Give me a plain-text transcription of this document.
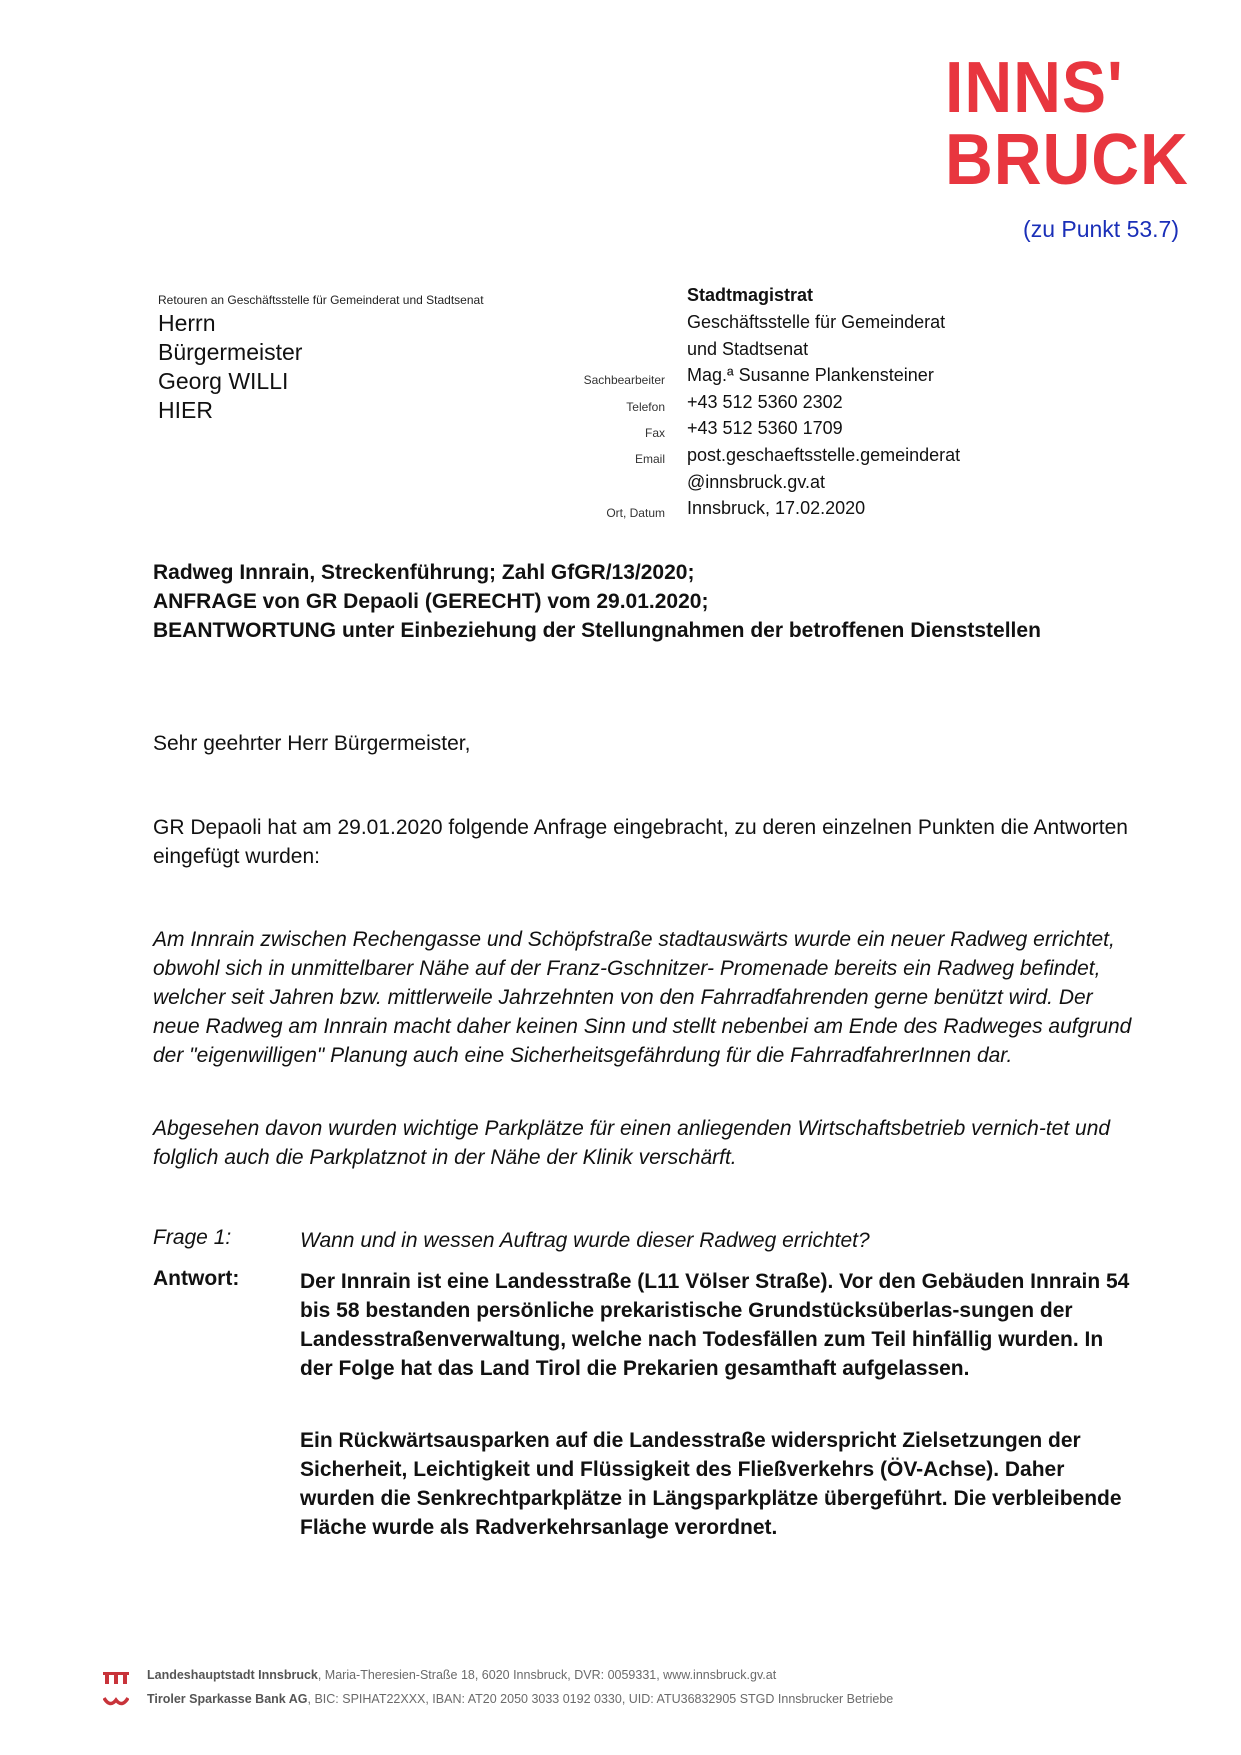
INNS'
BRUCK
(zu Punkt 53.7)
Retouren an Geschäftsstelle für Gemeinderat und Stadtsenat
Herrn
Bürgermeister
Georg WILLI
HIER
Stadtmagistrat
Geschäftsstelle für Gemeinderat
und Stadtsenat
Sachbearbeiter Mag.ª Susanne Plankensteiner
Telefon +43 512 5360 2302
Fax +43 512 5360 1709
Email post.geschaeftsstelle.gemeinderat
@innsbruck.gv.at
Ort, Datum Innsbruck, 17.02.2020
Radweg Innrain, Streckenführung; Zahl GfGR/13/2020;
ANFRAGE von GR Depaoli (GERECHT) vom 29.01.2020;
BEANTWORTUNG unter Einbeziehung der Stellungnahmen der betroffenen Dienststellen
Sehr geehrter Herr Bürgermeister,
GR Depaoli hat am 29.01.2020 folgende Anfrage eingebracht, zu deren einzelnen Punkten die Antworten eingefügt wurden:
Am Innrain zwischen Rechengasse und Schöpfstraße stadtauswärts wurde ein neuer Radweg errichtet, obwohl sich in unmittelbarer Nähe auf der Franz-Gschnitzer- Promenade bereits ein Radweg befindet, welcher seit Jahren bzw. mittlerweile Jahrzehnten von den Fahrradfahrenden gerne benützt wird. Der neue Radweg am Innrain macht daher keinen Sinn und stellt nebenbei am Ende des Radweges aufgrund der "eigenwilligen" Planung auch eine Sicherheitsgefährdung für die FahrradfahrerInnen dar.
Abgesehen davon wurden wichtige Parkplätze für einen anliegenden Wirtschaftsbetrieb vernich-tet und folglich auch die Parkplatznot in der Nähe der Klinik verschärft.
Frage 1:	Wann und in wessen Auftrag wurde dieser Radweg errichtet?
Antwort:	Der Innrain ist eine Landesstraße (L11 Völser Straße). Vor den Gebäuden Innrain 54 bis 58 bestanden persönliche prekaristische Grundstücksüberlas-sungen der Landesstraßenverwaltung, welche nach Todesfällen zum Teil hinfällig wurden. In der Folge hat das Land Tirol die Prekarien gesamthaft aufgelassen.
Ein Rückwärtsausparken auf die Landesstraße widerspricht Zielsetzungen der Sicherheit, Leichtigkeit und Flüssigkeit des Fließverkehrs (ÖV-Achse). Daher wurden die Senkrechtparkplätze in Längsparkplätze übergeführt. Die verbleibende Fläche wurde als Radverkehrsanlage verordnet.
Landeshauptstadt Innsbruck, Maria-Theresien-Straße 18, 6020 Innsbruck, DVR: 0059331, www.innsbruck.gv.at
Tiroler Sparkasse Bank AG, BIC: SPIHAT22XXX, IBAN: AT20 2050 3033 0192 0330, UID: ATU36832905 STGD Innsbrucker Betriebe
